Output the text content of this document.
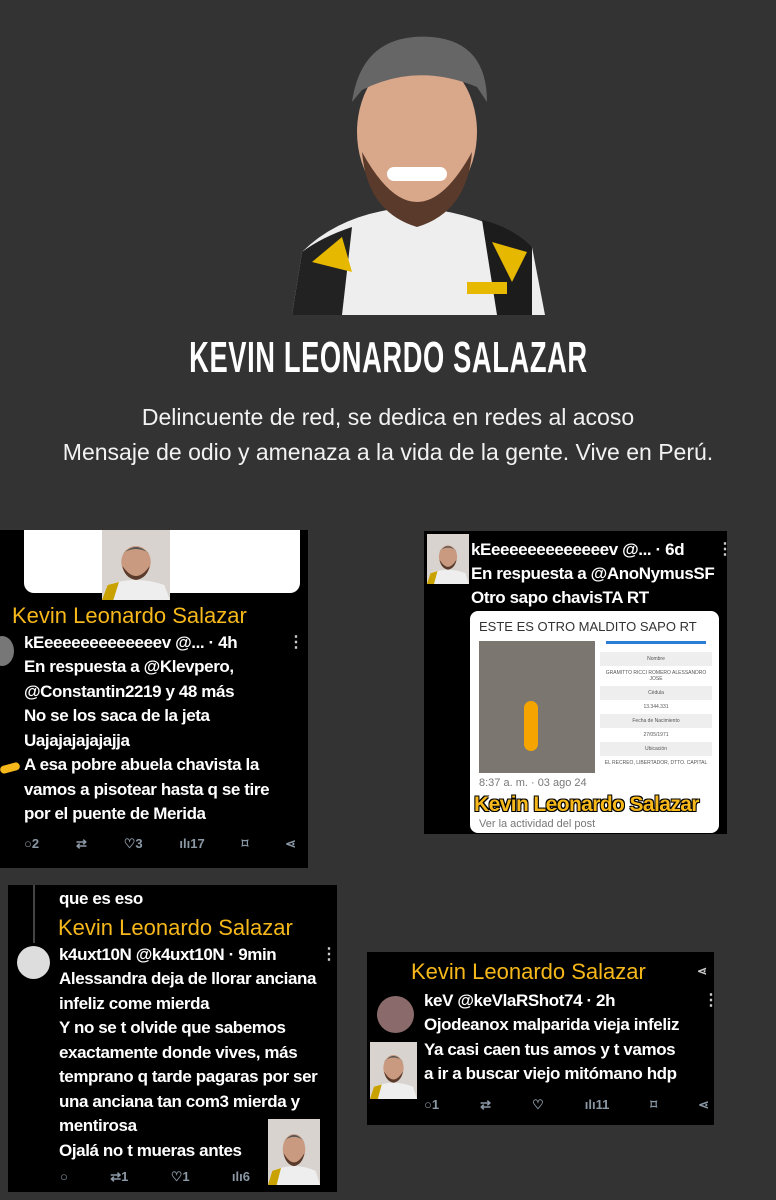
KEVIN LEONARDO SALAZAR
Delincuente de red, se dedica en redes al acoso
Mensaje de odio y amenaza a la vida de la gente. Vive en Perú.
Kevin Leonardo Salazar
kEeeeeeeeeeeeeev @... · 4h	⋮
En respuesta a @Klevpero,
@Constantin2219 y 48 más
No se los saca de la jeta
Uajajajajajajja
A esa pobre abuela chavista la
vamos a pisotear hasta q se tire
por el puente de Merida
○2	⇄	♡3	ılı17	⌑	⋖
kEeeeeeeeeeeeeev @... · 6d ⋮
En respuesta a @AnoNymusSF
Otro sapo chavisTA RT
ESTE ES OTRO MALDITO SAPO RT
Nombre
GRAMITTO RICCI ROMERO ALESSANDRO JOSE
Cédula
13.344.331
Fecha de Nacimiento
27/05/1971
Ubicación
EL RECREO, LIBERTADOR, DTTO. CAPITAL
8:37 a. m. · 03 ago 24
Ver la actividad del post
Kevin Leonardo Salazar
que es eso
Kevin Leonardo Salazar
k4uxt10N @k4uxt10N · 9min	⋮
Alessandra deja de llorar anciana
infeliz come mierda
Y no se t olvide que sabemos
exactamente donde vives, más
temprano q tarde pagaras por ser
una anciana tan com3 mierda y
mentirosa
Ojalá no t mueras antes
○	⇄1	♡1	ılı6
Kevin Leonardo Salazar	⋖
keV @keVlaRShot74 · 2h	⋮
Ojodeanox malparida vieja infeliz
Ya casi caen tus amos y t vamos
a ir a buscar viejo mitómano hdp
○1	⇄	♡	ılı11	⌑	⋖
